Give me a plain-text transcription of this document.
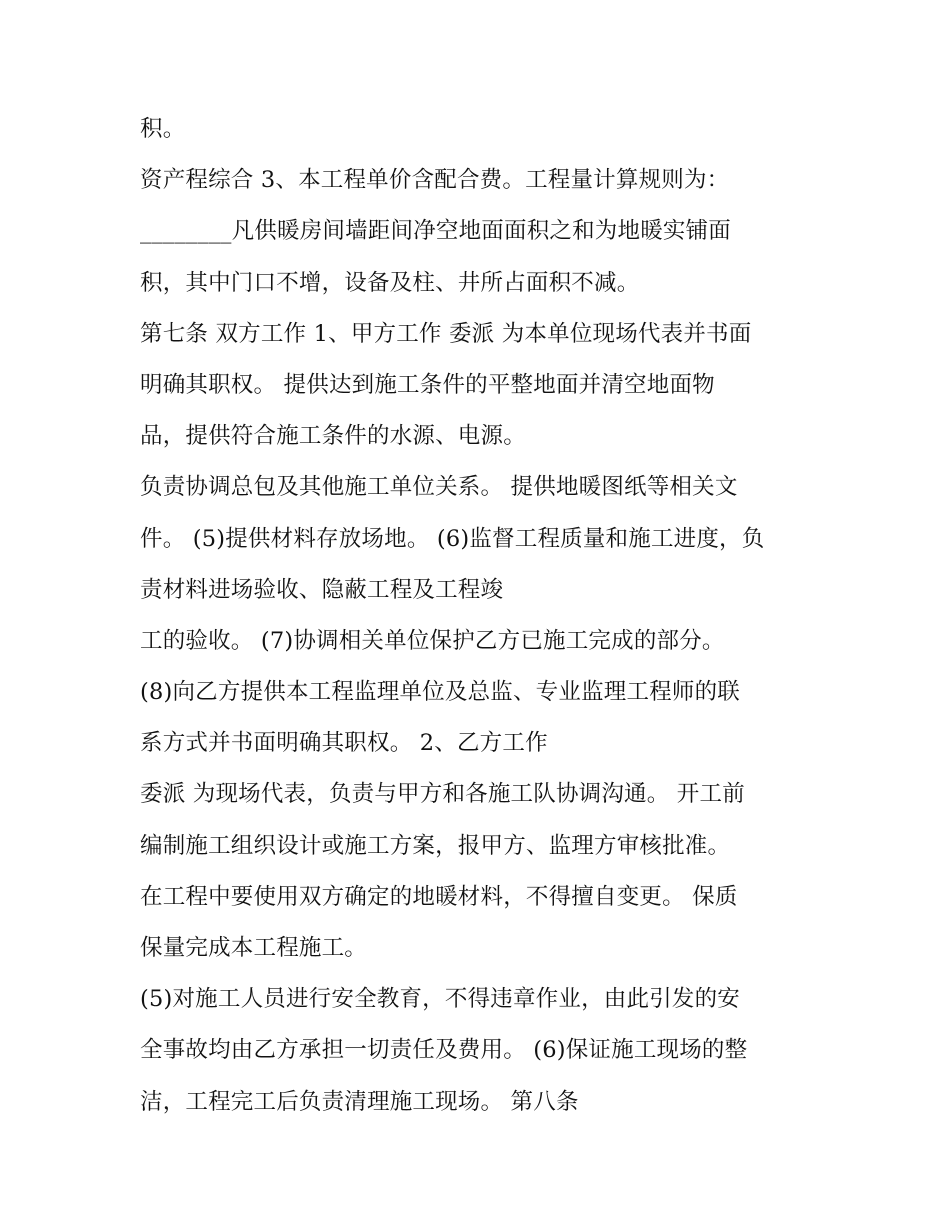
积。
资产程综合 3、本工程单价含配合费。工程量计算规则为：
________凡供暖房间墙距间净空地面面积之和为地暖实铺面
积，其中门口不增，设备及柱、井所占面积不减。
第七条 双方工作 1、甲方工作 委派 为本单位现场代表并书面
明确其职权。 提供达到施工条件的平整地面并清空地面物
品，提供符合施工条件的水源、电源。
负责协调总包及其他施工单位关系。 提供地暖图纸等相关文
件。 (5)提供材料存放场地。 (6)监督工程质量和施工进度，负
责材料进场验收、隐蔽工程及工程竣
工的验收。 (7)协调相关单位保护乙方已施工完成的部分。
(8)向乙方提供本工程监理单位及总监、专业监理工程师的联
系方式并书面明确其职权。 2、乙方工作
委派 为现场代表，负责与甲方和各施工队协调沟通。 开工前
编制施工组织设计或施工方案，报甲方、监理方审核批准。
在工程中要使用双方确定的地暖材料，不得擅自变更。 保质
保量完成本工程施工。
(5)对施工人员进行安全教育，不得违章作业，由此引发的安
全事故均由乙方承担一切责任及费用。 (6)保证施工现场的整
洁，工程完工后负责清理施工现场。 第八条
